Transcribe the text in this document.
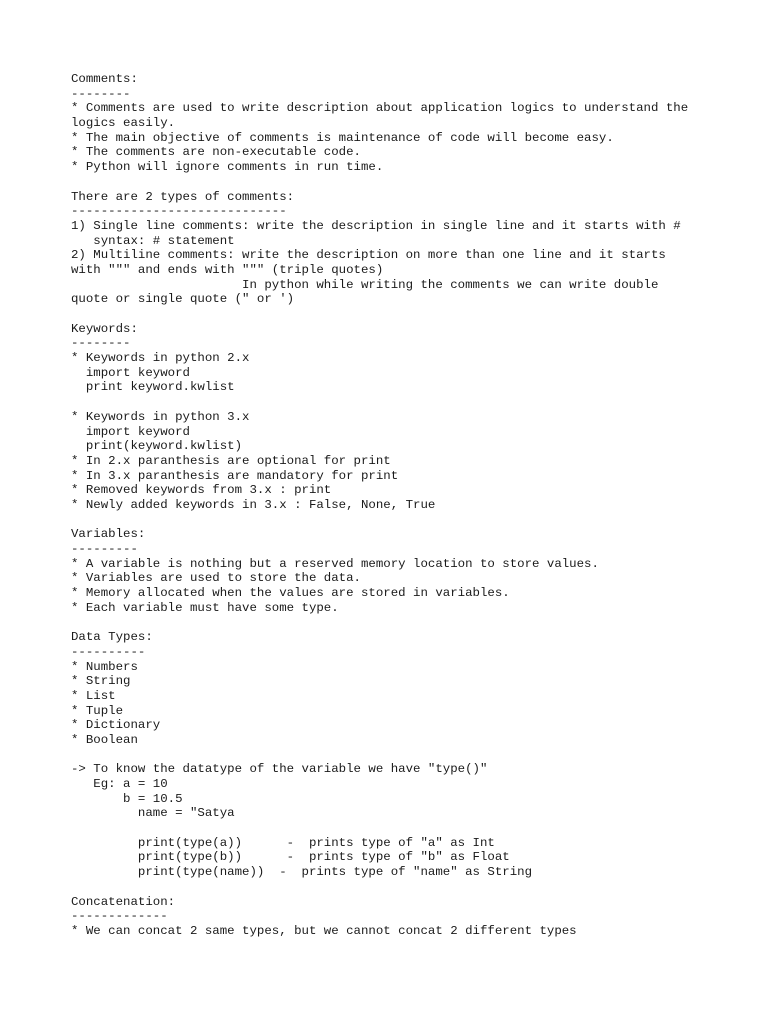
Comments:
--------
* Comments are used to write description about application logics to understand the
logics easily.
* The main objective of comments is maintenance of code will become easy.
* The comments are non-executable code.
* Python will ignore comments in run time.
There are 2 types of comments:
-----------------------------
1) Single line comments: write the description in single line and it starts with #
syntax: # statement
2) Multiline comments: write the description on more than one line and it starts
with """ and ends with """ (triple quotes)
In python while writing the comments we can write double
quote or single quote (" or ')
Keywords:
--------
* Keywords in python 2.x
import keyword
print keyword.kwlist
* Keywords in python 3.x
import keyword
print(keyword.kwlist)
* In 2.x paranthesis are optional for print
* In 3.x paranthesis are mandatory for print
* Removed keywords from 3.x : print
* Newly added keywords in 3.x : False, None, True
Variables:
---------
* A variable is nothing but a reserved memory location to store values.
* Variables are used to store the data.
* Memory allocated when the values are stored in variables.
* Each variable must have some type.
Data Types:
----------
* Numbers
* String
* List
* Tuple
* Dictionary
* Boolean
-> To know the datatype of the variable we have "type()"
Eg: a = 10
b = 10.5
name = "Satya
print(type(a))      -  prints type of "a" as Int
print(type(b))      -  prints type of "b" as Float
print(type(name))  -  prints type of "name" as String
Concatenation:
-------------
* We can concat 2 same types, but we cannot concat 2 different types
